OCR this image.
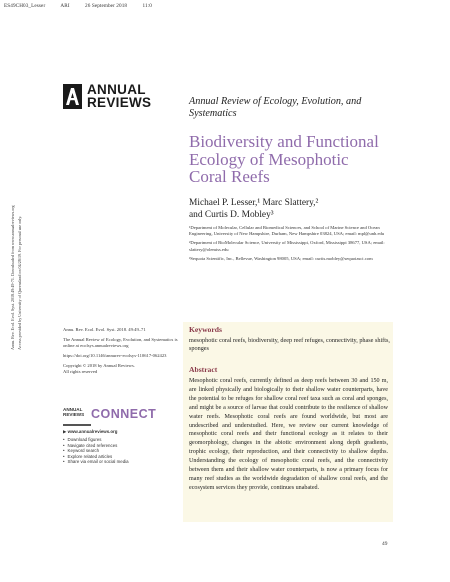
ES49CH03_Lesser	ARI	26 September 2018	11:0
Annu. Rev. Ecol. Evol. Syst. 2018.49:49-71. Downloaded from www.annualreviews.org Access provided by University of Queensland on 04/28/19. For personal use only.
ANNUAL
REVIEWS	Annual Review of Ecology, Evolution, and Systematics
Biodiversity and Functional Ecology of Mesophotic Coral Reefs
Michael P. Lesser,¹ Marc Slattery,²
and Curtis D. Mobley³

¹Department of Molecular, Cellular and Biomedical Sciences, and School of Marine Science and Ocean Engineering, University of New Hampshire, Durham, New Hampshire 03824, USA; email: mpl@unh.edu

²Department of BioMolecular Science, University of Mississippi, Oxford, Mississippi 38677, USA; email: slattery@olemiss.edu

³Sequoia Scientific, Inc., Bellevue, Washington 98005, USA; email: curtis.mobley@sequoiasci.com

Annu. Rev. Ecol. Evol. Syst. 2018. 49:49–71

The Annual Review of Ecology, Evolution, and Systematics is online at ecolsys.annualreviews.org

https://doi.org/10.1146/annurev-ecolsys-110617-062423

Copyright © 2018 by Annual Reviews.
All rights reserved

ANNUAL
REVIEWS CONNECT
▶ www.annualreviews.org
• Download figures
• Navigate cited references
• Keyword search
• Explore related articles
• Share via email or social media
Keywords
mesophotic coral reefs, biodiversity, deep reef refuges, connectivity, phase shifts, sponges
Abstract
Mesophotic coral reefs, currently defined as deep reefs between 30 and 150 m, are linked physically and biologically to their shallow water counterparts, have the potential to be refuges for shallow coral reef taxa such as coral and sponges, and might be a source of larvae that could contribute to the resilience of shallow water reefs. Mesophotic coral reefs are found worldwide, but most are undescribed and understudied. Here, we review our current knowledge of mesophotic coral reefs and their functional ecology as it relates to their geomorphology, changes in the abiotic environment along depth gradients, trophic ecology, their reproduction, and their connectivity to shallow depths. Understanding the ecology of mesophotic coral reefs, and the connectivity between them and their shallow water counterparts, is now a primary focus for many reef studies as the worldwide degradation of shallow coral reefs, and the ecosystem services they provide, continues unabated.
49
